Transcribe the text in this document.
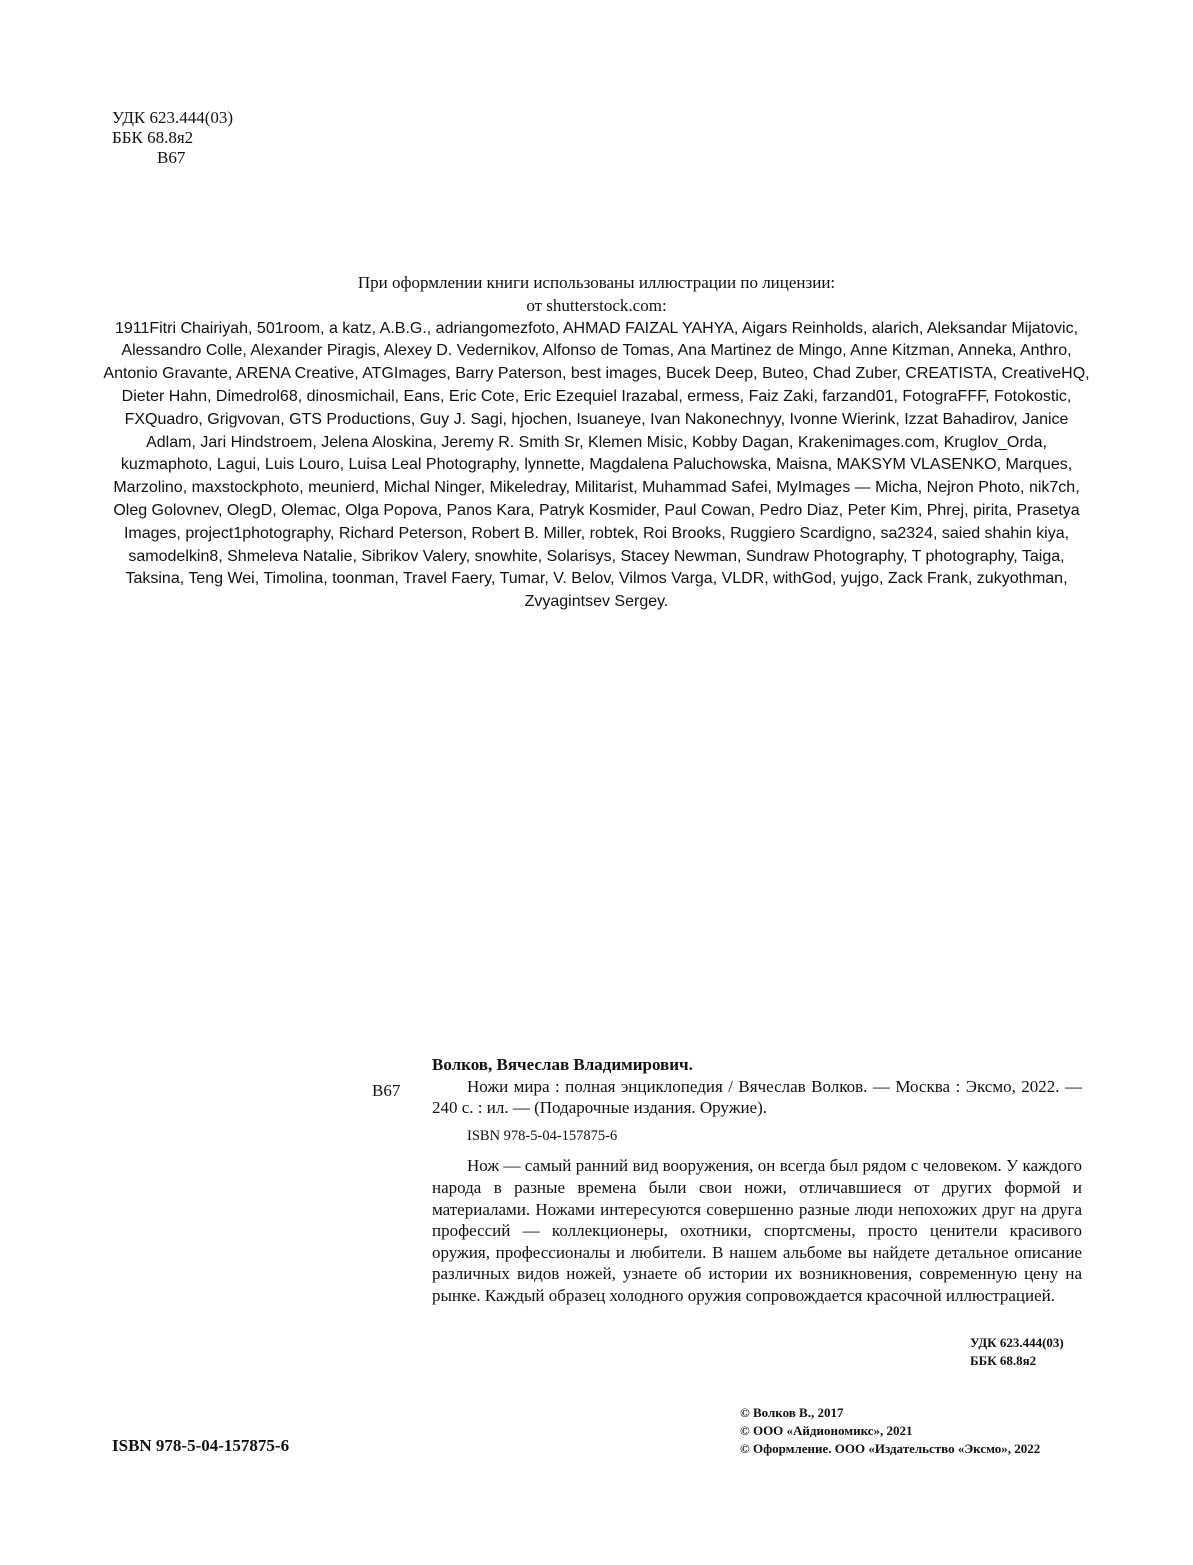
УДК 623.444(03)
ББК 68.8я2
В67
При оформлении книги использованы иллюстрации по лицензии:
от shutterstock.com:
1911Fitri Chairiyah, 501room, a katz, A.B.G., adriangomezfoto, AHMAD FAIZAL YAHYA, Aigars Reinholds, alarich, Aleksandar Mijatovic, Alessandro Colle, Alexander Piragis, Alexey D. Vedernikov, Alfonso de Tomas, Ana Martinez de Mingo, Anne Kitzman, Anneka, Anthro, Antonio Gravante, ARENA Creative, ATGImages, Barry Paterson, best images, Bucek Deep, Buteo, Chad Zuber, CREATISTA, CreativeHQ, Dieter Hahn, Dimedrol68, dinosmichail, Eans, Eric Cote, Eric Ezequiel Irazabal, ermess, Faiz Zaki, farzand01, FotograFFF, Fotokostic, FXQuadro, Grigvovan, GTS Productions, Guy J. Sagi, hjochen, Isuaneye, Ivan Nakonechnyy, Ivonne Wierink, Izzat Bahadirov, Janice Adlam, Jari Hindstroem, Jelena Aloskina, Jeremy R. Smith Sr, Klemen Misic, Kobby Dagan, Krakenimages.com, Kruglov_Orda, kuzmaphoto, Lagui, Luis Louro, Luisa Leal Photography, lynnette, Magdalena Paluchowska, Maisna, MAKSYM VLASENKO, Marques, Marzolino, maxstockphoto, meunierd, Michal Ninger, Mikeledray, Militarist, Muhammad Safei, MyImages — Micha, Nejron Photo, nik7ch, Oleg Golovnev, OlegD, Olemac, Olga Popova, Panos Kara, Patryk Kosmider, Paul Cowan, Pedro Diaz, Peter Kim, Phrej, pirita, Prasetya Images, project1photography, Richard Peterson, Robert B. Miller, robtek, Roi Brooks, Ruggiero Scardigno, sa2324, saied shahin kiya, samodelkin8, Shmeleva Natalie, Sibrikov Valery, snowhite, Solarisys, Stacey Newman, Sundraw Photography, T photography, Taiga, Taksina, Teng Wei, Timolina, toonman, Travel Faery, Tumar, V. Belov, Vilmos Varga, VLDR, withGod, yujgo, Zack Frank, zukyothman, Zvyagintsev Sergey.
В67
Волков, Вячеслав Владимирович.
Ножи мира : полная энциклопедия / Вячеслав Волков. — Москва : Эксмо, 2022. — 240 с. : ил. — (Подарочные издания. Оружие).
ISBN 978-5-04-157875-6
Нож — самый ранний вид вооружения, он всегда был рядом с человеком. У каждого народа в разные времена были свои ножи, отличавшиеся от других формой и материалами. Ножами интересуются совершенно разные люди непохожих друг на друга профессий — коллекционеры, охотники, спортсмены, просто ценители красивого оружия, профессионалы и любители. В нашем альбоме вы найдете детальное описание различных видов ножей, узнаете об истории их возникновения, современную цену на рынке. Каждый образец холодного оружия сопровождается красочной иллюстрацией.
УДК 623.444(03)
ББК 68.8я2
ISBN 978-5-04-157875-6
© Волков В., 2017
© ООО «Айдиономикс», 2021
© Оформление. ООО «Издательство «Эксмо», 2022
